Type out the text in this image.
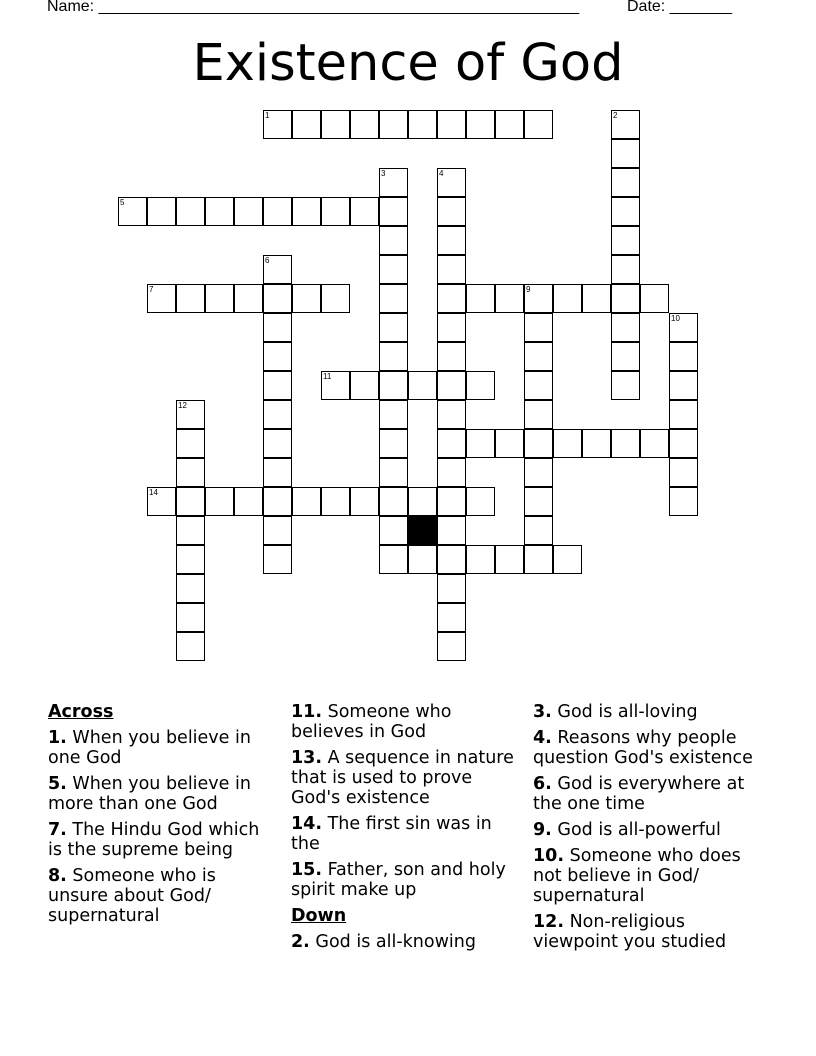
Name: ______________________________________________________	Date: _______
Existence of God
1	2
3	4
5
6
7	9
10
11
12
14
Across
1. When you believe in one God
5. When you believe in more than one God
7. The Hindu God which is the supreme being
8. Someone who is unsure about God/ supernatural
11. Someone who believes in God
13. A sequence in nature that is used to prove God's existence
14. The first sin was in the
15. Father, son and holy spirit make up
Down
2. God is all-knowing
3. God is all-loving
4. Reasons why people question God's existence
6. God is everywhere at the one time
9. God is all-powerful
10. Someone who does not believe in God/ supernatural
12. Non-religious viewpoint you studied
